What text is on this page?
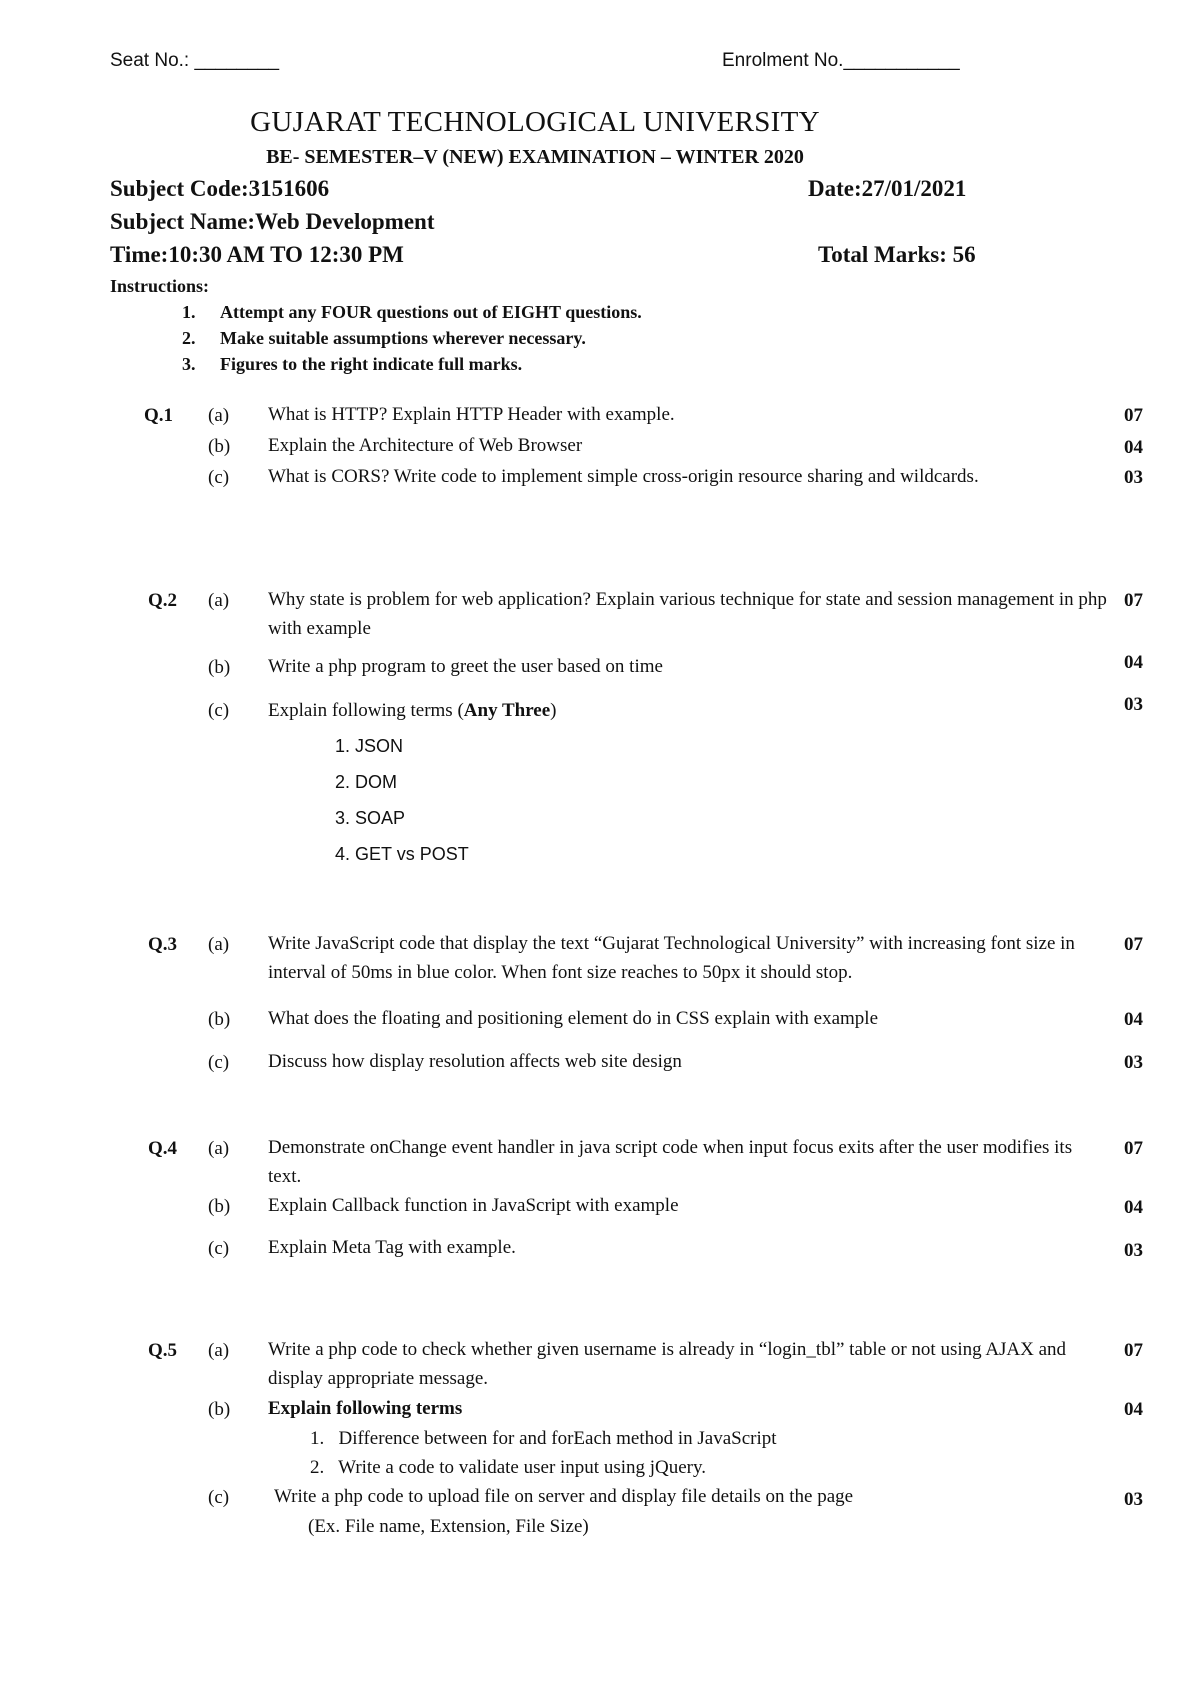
Seat No.: ________	Enrolment No.___________
GUJARAT TECHNOLOGICAL UNIVERSITY
BE- SEMESTER–V (NEW) EXAMINATION – WINTER 2020
Subject Code:3151606	Date:27/01/2021
Subject Name:Web Development
Time:10:30 AM TO 12:30 PM	Total Marks: 56
Instructions:
1. Attempt any FOUR questions out of EIGHT questions.
2. Make suitable assumptions wherever necessary.
3. Figures to the right indicate full marks.
Q.1 (a) What is HTTP? Explain HTTP Header with example.	07
(b) Explain the Architecture of Web Browser	04
(c) What is CORS? Write code to implement simple cross-origin resource sharing and wildcards.	03
Q.2 (a) Why state is problem for web application? Explain various technique for state and session management in php with example
07
(b) Write a php program to greet the user based on time	04
(c) Explain following terms (Any Three)	03
1. JSON
2. DOM
3. SOAP
4. GET vs POST
Q.3 (a) Write JavaScript code that display the text “Gujarat Technological University” with increasing font size in interval of 50ms in blue color. When font size reaches to 50px it should stop.
07
(b) What does the floating and positioning element do in CSS explain with example	04
(c) Discuss how display resolution affects web site design	03
Q.4 (a) Demonstrate onChange event handler in java script code when input focus exits after the user modifies its text.
07
(b) Explain Callback function in JavaScript with example	04
(c) Explain Meta Tag with example.	03
Q.5 (a) Write a php code to check whether given username is already in “login_tbl” table or not using AJAX and display appropriate message.
07
(b) Explain following terms	04
1.   Difference between for and forEach method in JavaScript
2.   Write a code to validate user input using jQuery.
(c) Write a php code to upload file on server and display file details on the page	03
(Ex. File name, Extension, File Size)
